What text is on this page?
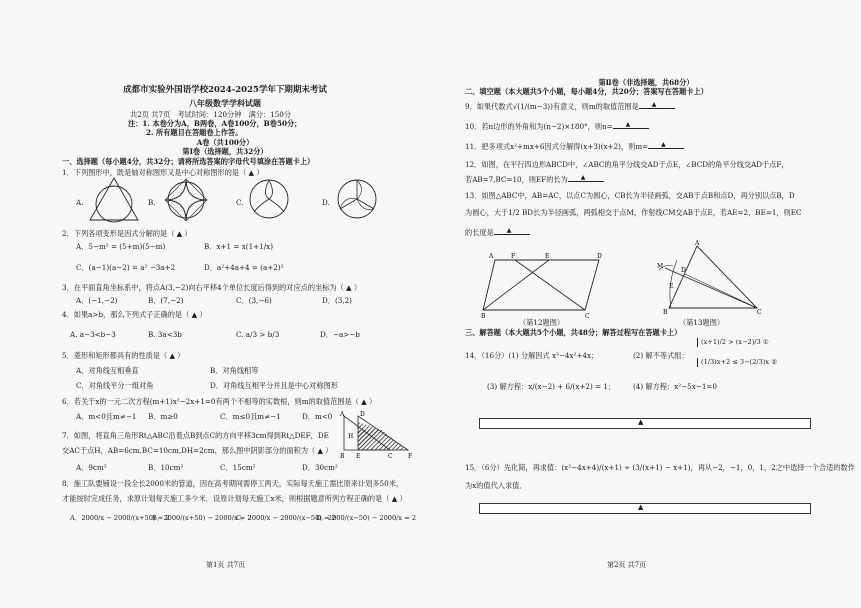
成都市实验外国语学校2024-2025学年下期期末考试
八年级数学学科试题
共2页 共7页　考试时间：120分钟　满分：150分
注：1. 本卷分为A，B两卷，A卷100分，B卷50分；
2. 所有题目在答题卷上作答。
A卷（共100分）
第Ⅰ卷（选择题，共32分）
一、选择题（每小题4分，共32分；请将所选答案的字母代号填涂在答题卡上）
1．下列图形中，既是轴对称图形又是中心对称图形的是（ ▲ ）
A.	B.	C.	D.
2．下列各项变形是因式分解的是（ ▲ ）
A．5−m² = (5+m)(5−m)	B．x+1 = x(1+1/x)
C．(a−1)(a−2) = a² −3a+2	D．a²+4a+4 = (a+2)²
3．在平面直角坐标系中，将点A(3,−2)向右平移4个单位长度后得到的对应点的坐标为（ ▲ ）
A．(−1,−2)	B．(7,−2)	C．(3,−6)	D．(3,2)
4．如果a>b，那么下列式子正确的是（ ▲ ）
A. a−3<b−3	B. 3a<3b	C. a/3 > b/3	D．−a>−b
5．菱形和矩形都具有的性质是（ ▲ ）
A．对角线互相垂直	B．对角线相等
C．对角线平分一组对角	D．对角线互相平分并且是中心对称图形
6．若关于x的一元二次方程(m+1)x²−2x+1=0有两个不相等的实数根，则m的取值范围是（ ▲ ）
A．m<0且m≠−1 B．m≥0	C．m≤0且m≠−1	D．m<0
7．如图，将直角三角形Rt△ABC沿着点B到点C的方向平移3cm得到Rt△DEF，DE
交AC于点H，AB=6cm,BC=10cm,DH=2cm，那么图中阴影部分的面积为（ ▲ ）
A	D
H
B E	C	F
A．9cm²	B．10cm²	C．15cm²	D．30cm²
8．施工队要铺设一段全长2000米的管道，因在高考期间需停工两天，实际每天施工需比原来计划多50米，
才能按时完成任务，求原计划每天施工多少米．设原计划每天施工x米，则根据题意所列方程正确的是（ ▲ ）
A．2000/x − 2000/(x+50) = 2
B．2000/(x+50) − 2000/x = 2
C．2000/x − 2000/(x−50) = 2
D．2000/(x−50) − 2000/x = 2
第1页 共7页
第Ⅱ卷（非选择题，共68分）
二、填空题（本大题共5个小题，每小题4分，共20分；答案写在答题卡上）
9．如果代数式√(1/(m−3))有意义，则m的取值范围是▲
10．若n边形的外角和为(n−2)×180°，则n=▲
11．把多项式x²+mx+6因式分解得(x+3)(x+2)，则m=▲
12．如图，在平行四边形ABCD中，∠ABC的角平分线交AD于点E，∠BCD的角平分线交AD于点F，
若AB=7,BC=10，则EF的长为▲
13．如图△ABC中，AB=AC，以点C为圆心，CB长为半径画弧，交AB于点B和点D，再分别以点B，D
为圆心，大于1/2 BD长为半径画弧，两弧相交于点M，作射线CM交AB于点E，若AE=2，BE=1，则EC
的长度是▲
A	F	E	D
B	C
（第12题图）
A
M
D
E
B	C
（第13题图）
三、解答题（本大题共5个小题，共48分；解答过程写在答题卡上）
14．（16分）(1) 分解因式 x³−4x²+4x；	(2) 解不等式组：
(x+1)/2 > (x−2)/3 ①
(1/3)x+2 ≤ 3−(2/3)x ②
(3) 解方程：x/(x−2) + 6/(x+2) = 1； (4) 解方程：x²−5x−1=0
▲
15．（6分）先化简，再求值：(x²−4x+4)/(x+1) ÷ (3/(x+1) − x+1)，再从−2，−1，0，1，2之中选择一个合适的数作
为x的值代入求值．
▲
第2页 共7页
